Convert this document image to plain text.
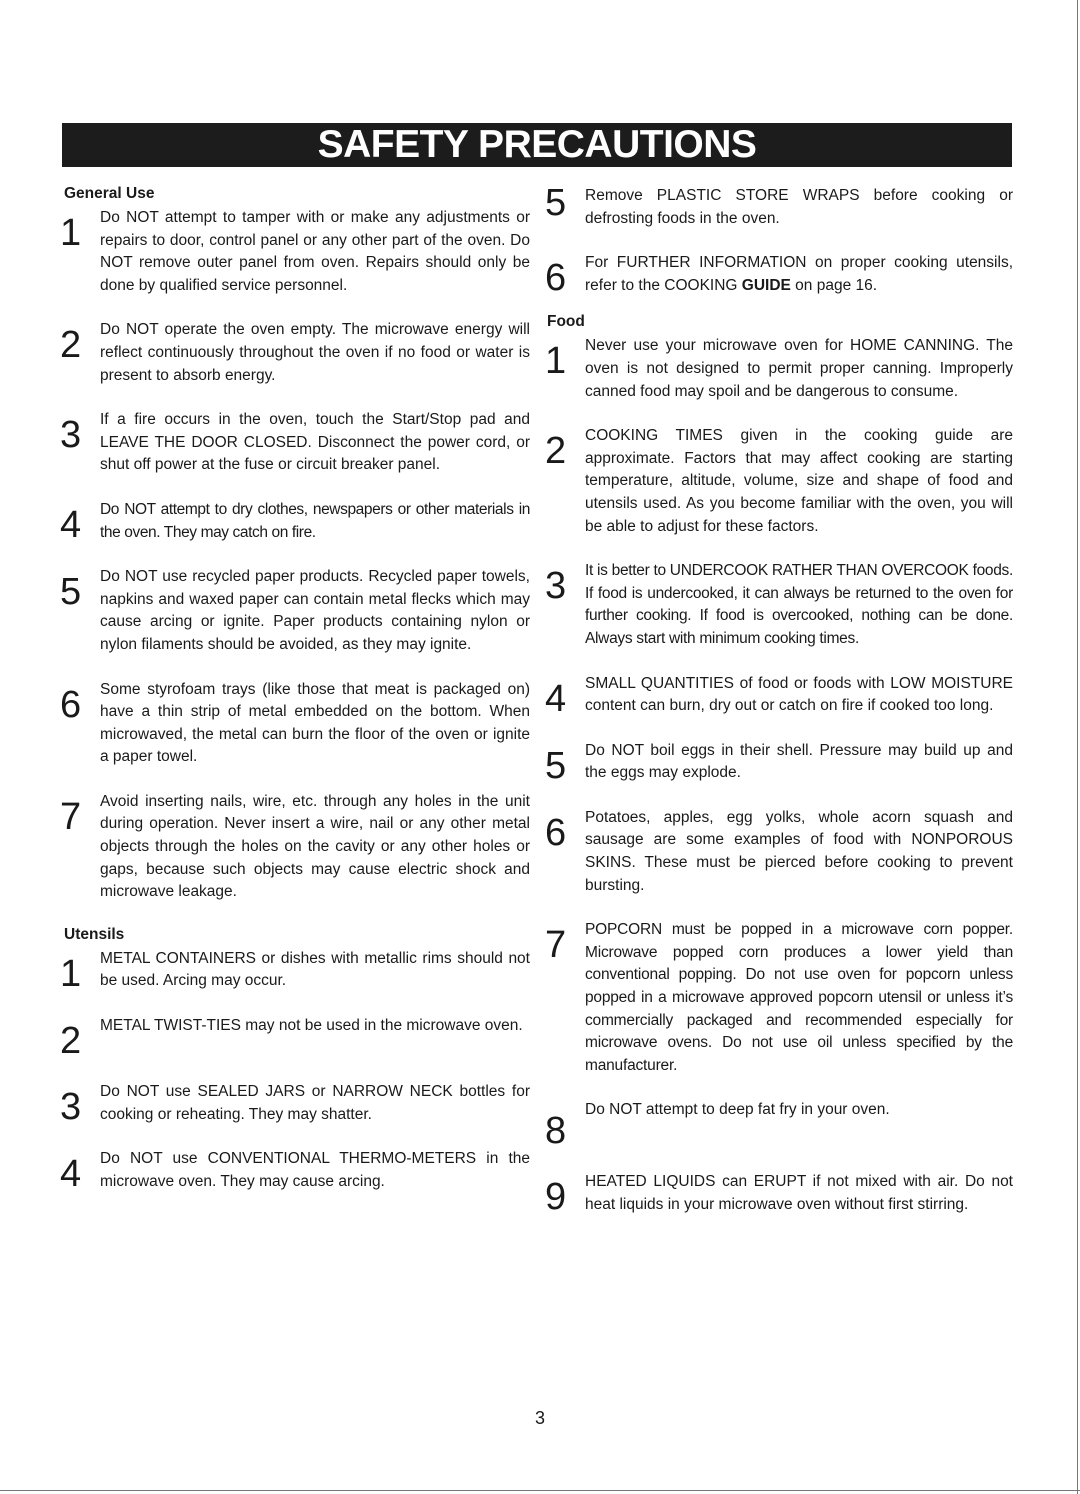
SAFETY PRECAUTIONS
General Use
1	Do NOT attempt to tamper with or make any adjustments or repairs to door, control panel or any other part of the oven. Do NOT remove outer panel from oven. Repairs should only be done by qualified service personnel.
2	Do NOT operate the oven empty. The microwave energy will reflect continuously throughout the oven if no food or water is present to absorb energy.
3	If a fire occurs in the oven, touch the Start/Stop pad and LEAVE THE DOOR CLOSED. Disconnect the power cord, or shut off power at the fuse or circuit breaker panel.
4	Do NOT attempt to dry clothes, newspapers or other materials in the oven. They may catch on fire.
5	Do NOT use recycled paper products. Recycled paper towels, napkins and waxed paper can contain metal flecks which may cause arcing or ignite. Paper products containing nylon or nylon filaments should be avoided, as they may ignite.
6	Some styrofoam trays (like those that meat is packaged on) have a thin strip of metal embedded on the bottom. When microwaved, the metal can burn the floor of the oven or ignite a paper towel.
7	Avoid inserting nails, wire, etc. through any holes in the unit during operation. Never insert a wire, nail or any other metal objects through the holes on the cavity or any other holes or gaps, because such objects may cause electric shock and microwave leakage.
Utensils
1	METAL CONTAINERS or dishes with metallic rims should not be used. Arcing may occur.
2	METAL TWIST-TIES may not be used in the microwave oven.
3	Do NOT use SEALED JARS or NARROW NECK bottles for cooking or reheating. They may shatter.
4	Do NOT use CONVENTIONAL THERMO-METERS in the microwave oven. They may cause arcing.
5	Remove PLASTIC STORE WRAPS before cooking or defrosting foods in the oven.
6	For FURTHER INFORMATION on proper cooking utensils, refer to the COOKING GUIDE on page 16.
Food
1	Never use your microwave oven for HOME CANNING. The oven is not designed to permit proper canning. Improperly canned food may spoil and be dangerous to consume.
2	COOKING TIMES given in the cooking guide are approximate. Factors that may affect cooking are starting temperature, altitude, volume, size and shape of food and utensils used. As you become familiar with the oven, you will be able to adjust for these factors.
3	It is better to UNDERCOOK RATHER THAN OVERCOOK foods. If food is undercooked, it can always be returned to the oven for further cooking. If food is overcooked, nothing can be done. Always start with minimum cooking times.
4	SMALL QUANTITIES of food or foods with LOW MOISTURE content can burn, dry out or catch on fire if cooked too long.
5	Do NOT boil eggs in their shell. Pressure may build up and the eggs may explode.
6	Potatoes, apples, egg yolks, whole acorn squash and sausage are some examples of food with NONPOROUS SKINS. These must be pierced before cooking to prevent bursting.
7	POPCORN must be popped in a microwave corn popper. Microwave popped corn produces a lower yield than conventional popping. Do not use oven for popcorn unless popped in a microwave approved popcorn utensil or unless it’s commercially packaged and recommended especially for microwave ovens. Do not use oil unless specified by the manufacturer.
8
Do NOT attempt to deep fat fry in your oven.
9	HEATED LIQUIDS can ERUPT if not mixed with air. Do not heat liquids in your microwave oven without first stirring.
3
